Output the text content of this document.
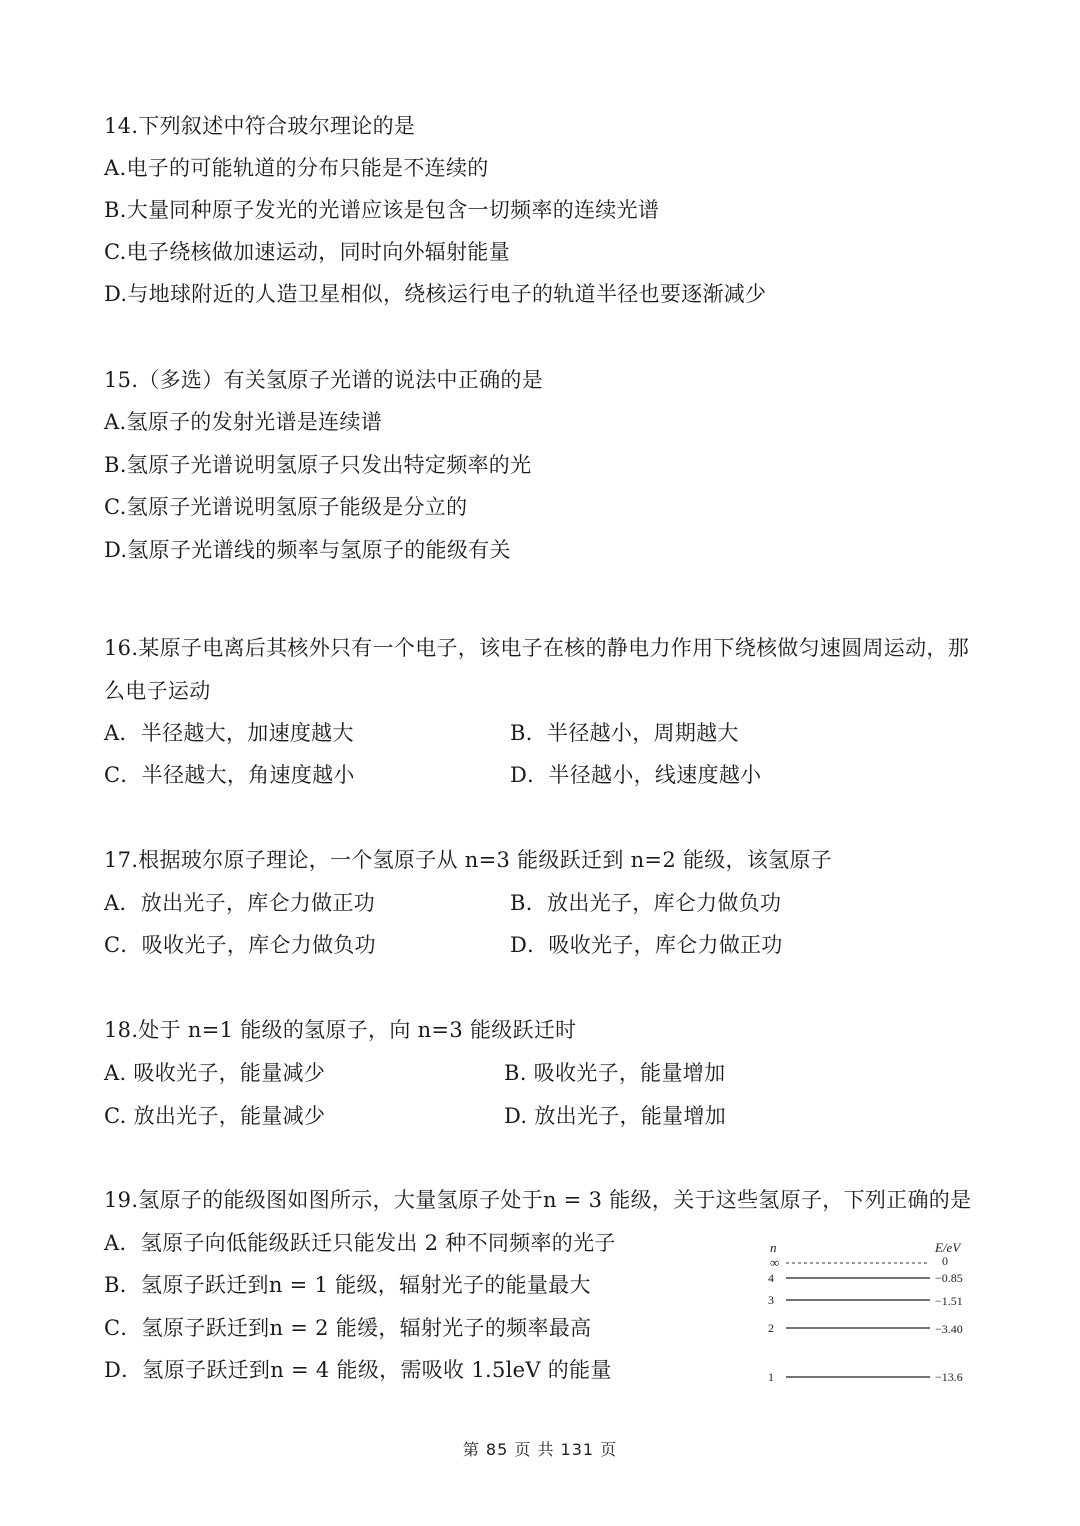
14.下列叙述中符合玻尔理论的是
A.电子的可能轨道的分布只能是不连续的
B.大量同种原子发光的光谱应该是包含一切频率的连续光谱
C.电子绕核做加速运动，同时向外辐射能量
D.与地球附近的人造卫星相似，绕核运行电子的轨道半径也要逐渐减少
15.（多选）有关氢原子光谱的说法中正确的是
A.氢原子的发射光谱是连续谱
B.氢原子光谱说明氢原子只发出特定频率的光
C.氢原子光谱说明氢原子能级是分立的
D.氢原子光谱线的频率与氢原子的能级有关
16.某原子电离后其核外只有一个电子，该电子在核的静电力作用下绕核做匀速圆周运动，那
么电子运动
A．半径越大，加速度越大	B．半径越小，周期越大
C．半径越大，角速度越小	D．半径越小，线速度越小
17.根据玻尔原子理论，一个氢原子从 n=3 能级跃迁到 n=2 能级，该氢原子
A．放出光子，库仑力做正功	B．放出光子，库仑力做负功
C．吸收光子，库仑力做负功	D．吸收光子，库仑力做正功
18.处于 n=1 能级的氢原子，向 n=3 能级跃迁时
A. 吸收光子，能量减少	B. 吸收光子，能量增加
C. 放出光子，能量减少	D. 放出光子，能量增加
19.氢原子的能级图如图所示，大量氢原子处于n = 3 能级，关于这些氢原子，下列正确的是
A．氢原子向低能级跃迁只能发出 2 种不同频率的光子
B．氢原子跃迁到n = 1 能级，辐射光子的能量最大
C．氢原子跃迁到n = 2 能缓，辐射光子的频率最高
D．氢原子跃迁到n = 4 能级，需吸收 1.5leV 的能量
n	E/eV
∞	0
4	−0.85
3	−1.51
2	−3.40
1	−13.6
第 85 页 共 131 页
